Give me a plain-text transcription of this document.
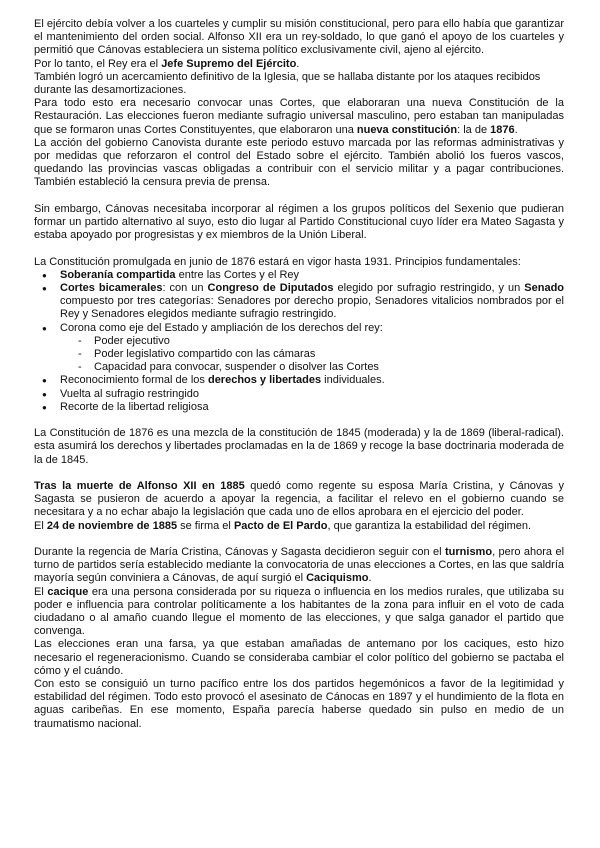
El ejército debía volver a los cuarteles y cumplir su misión constitucional, pero para ello había que garantizar el mantenimiento del orden social. Alfonso XII era un rey-soldado, lo que ganó el apoyo de los cuarteles y permitió que Cánovas estableciera un sistema político exclusivamente civil, ajeno al ejército.

Por lo tanto, el Rey era el Jefe Supremo del Ejército.

También logró un acercamiento definitivo de la Iglesia, que se hallaba distante por los ataques recibidos durante las desamortizaciones.

Para todo esto era necesario convocar unas Cortes, que elaboraran una nueva Constitución de la Restauración. Las elecciones fueron mediante sufragio universal masculino, pero estaban tan manipuladas que se formaron unas Cortes Constituyentes, que elaboraron una nueva constitución: la de 1876.

La acción del gobierno Canovista durante este periodo estuvo marcada por las reformas administrativas y por medidas que reforzaron el control del Estado sobre el ejército. También abolió los fueros vascos, quedando las provincias vascas obligadas a contribuir con el servicio militar y a pagar contribuciones. También estableció la censura previa de prensa.

Sin embargo, Cánovas necesitaba incorporar al régimen a los grupos políticos del Sexenio que pudieran formar un partido alternativo al suyo, esto dio lugar al Partido Constitucional cuyo líder era Mateo Sagasta y estaba apoyado por progresistas y ex miembros de la Unión Liberal.

La Constitución promulgada en junio de 1876 estará en vigor hasta 1931. Principios fundamentales:

● Soberanía compartida entre las Cortes y el Rey
● Cortes bicamerales: con un Congreso de Diputados elegido por sufragio restringido, y un Senado compuesto por tres categorías: Senadores por derecho propio, Senadores vitalicios nombrados por el Rey y Senadores elegidos mediante sufragio restringido.
● Corona como eje del Estado y ampliación de los derechos del rey:
- Poder ejecutivo
- Poder legislativo compartido con las cámaras
- Capacidad para convocar, suspender o disolver las Cortes
● Reconocimiento formal de los derechos y libertades individuales.
● Vuelta al sufragio restringido
● Recorte de la libertad religiosa

La Constitución de 1876 es una mezcla de la constitución de 1845 (moderada) y la de 1869 (liberal-radical). esta asumirá los derechos y libertades proclamadas en la de 1869 y recoge la base doctrinaria moderada de la de 1845.

Tras la muerte de Alfonso XII en 1885 quedó como regente su esposa María Cristina, y Cánovas y Sagasta se pusieron de acuerdo a apoyar la regencia, a facilitar el relevo en el gobierno cuando se necesitara y a no echar abajo la legislación que cada uno de ellos aprobara en el ejercicio del poder.

El 24 de noviembre de 1885 se firma el Pacto de El Pardo, que garantiza la estabilidad del régimen.

Durante la regencia de María Cristina, Cánovas y Sagasta decidieron seguir con el turnismo, pero ahora el turno de partidos sería establecido mediante la convocatoria de unas elecciones a Cortes, en las que saldría mayoría según conviniera a Cánovas, de aquí surgió el Caciquismo.

El cacique era una persona considerada por su riqueza o influencia en los medios rurales, que utilizaba su poder e influencia para controlar políticamente a los habitantes de la zona para influir en el voto de cada ciudadano o al amaño cuando llegue el momento de las elecciones, y que salga ganador el partido que convenga.

Las elecciones eran una farsa, ya que estaban amañadas de antemano por los caciques, esto hizo necesario el regeneracionismo. Cuando se consideraba cambiar el color político del gobierno se pactaba el cómo y el cuándo.

Con esto se consiguió un turno pacífico entre los dos partidos hegemónicos a favor de la legitimidad y estabilidad del régimen. Todo esto provocó el asesinato de Cánocas en 1897 y el hundimiento de la flota en aguas caribeñas. En ese momento, España parecía haberse quedado sin pulso en medio de un traumatismo nacional.
